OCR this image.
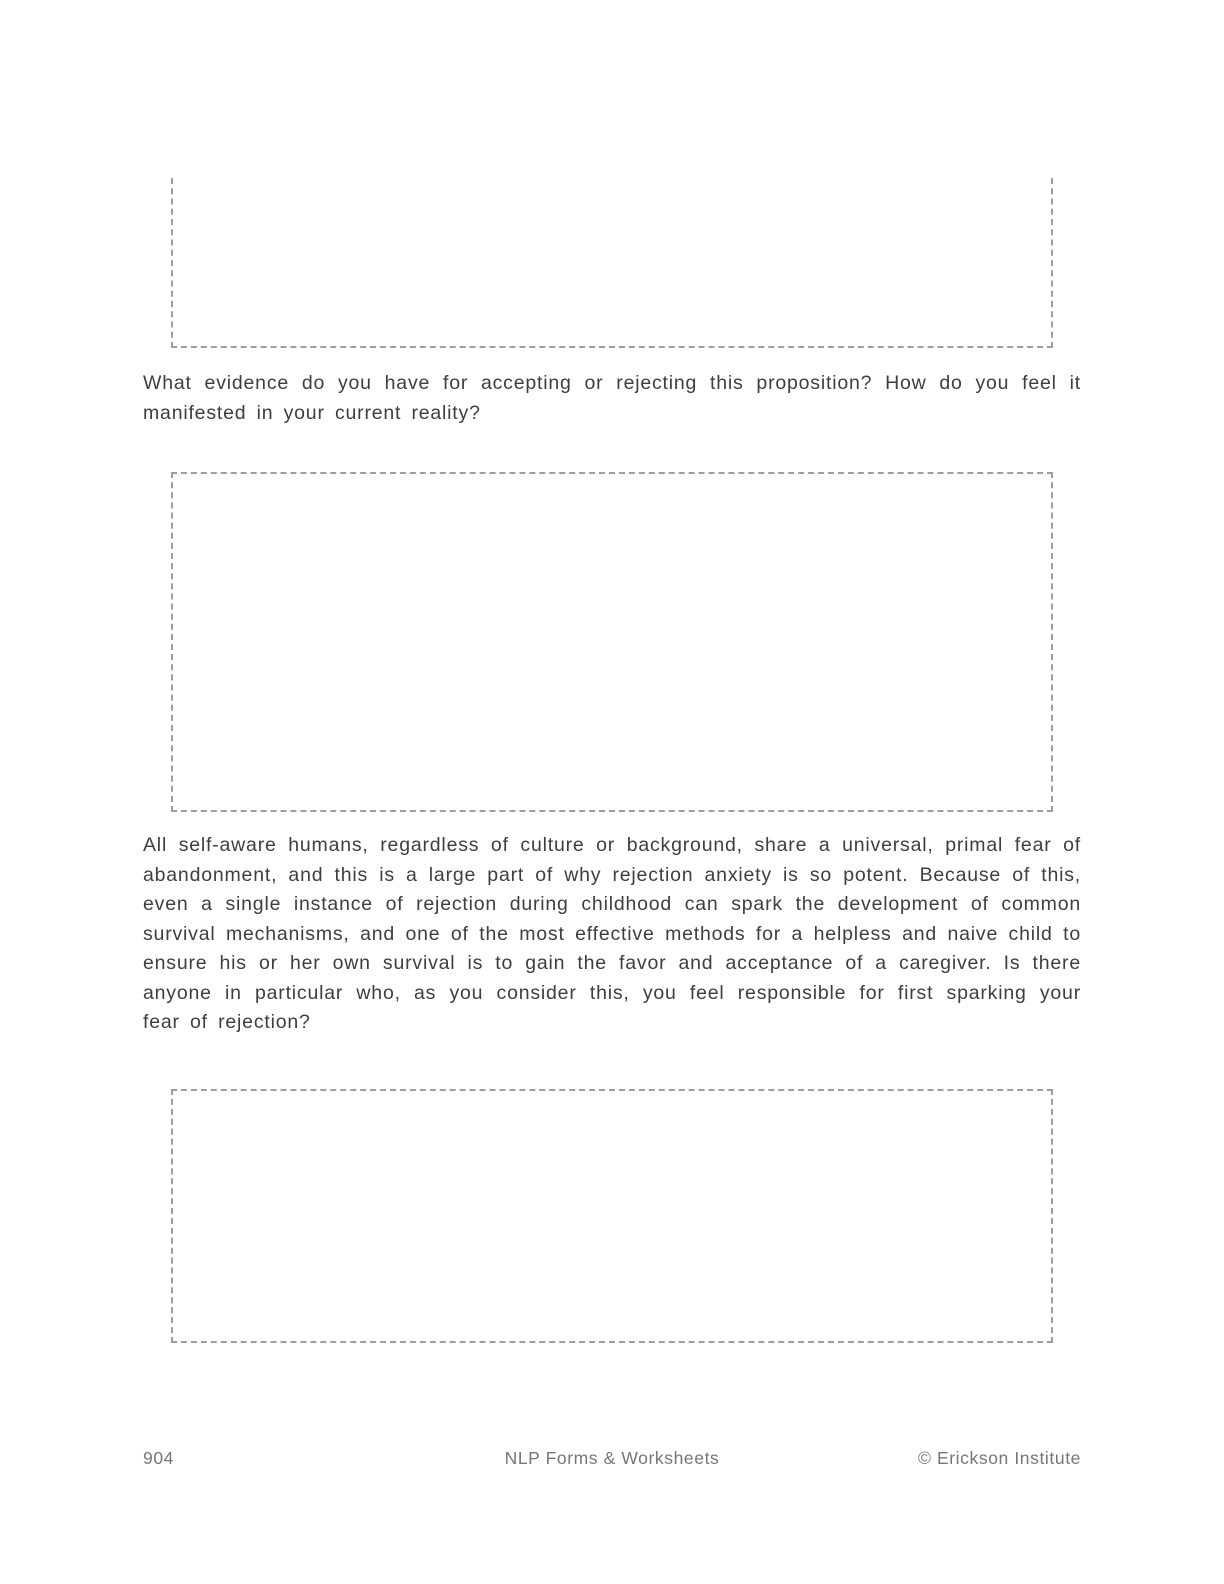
What evidence do you have for accepting or rejecting this proposition? How do you feel it manifested in your current reality?

All self-aware humans, regardless of culture or background, share a universal, primal fear of abandonment, and this is a large part of why rejection anxiety is so potent. Because of this, even a single instance of rejection during childhood can spark the development of common survival mechanisms, and one of the most effective methods for a helpless and naive child to ensure his or her own survival is to gain the favor and acceptance of a caregiver. Is there anyone in particular who, as you consider this, you feel responsible for first sparking your fear of rejection?

904	NLP Forms & Worksheets	© Erickson Institute
